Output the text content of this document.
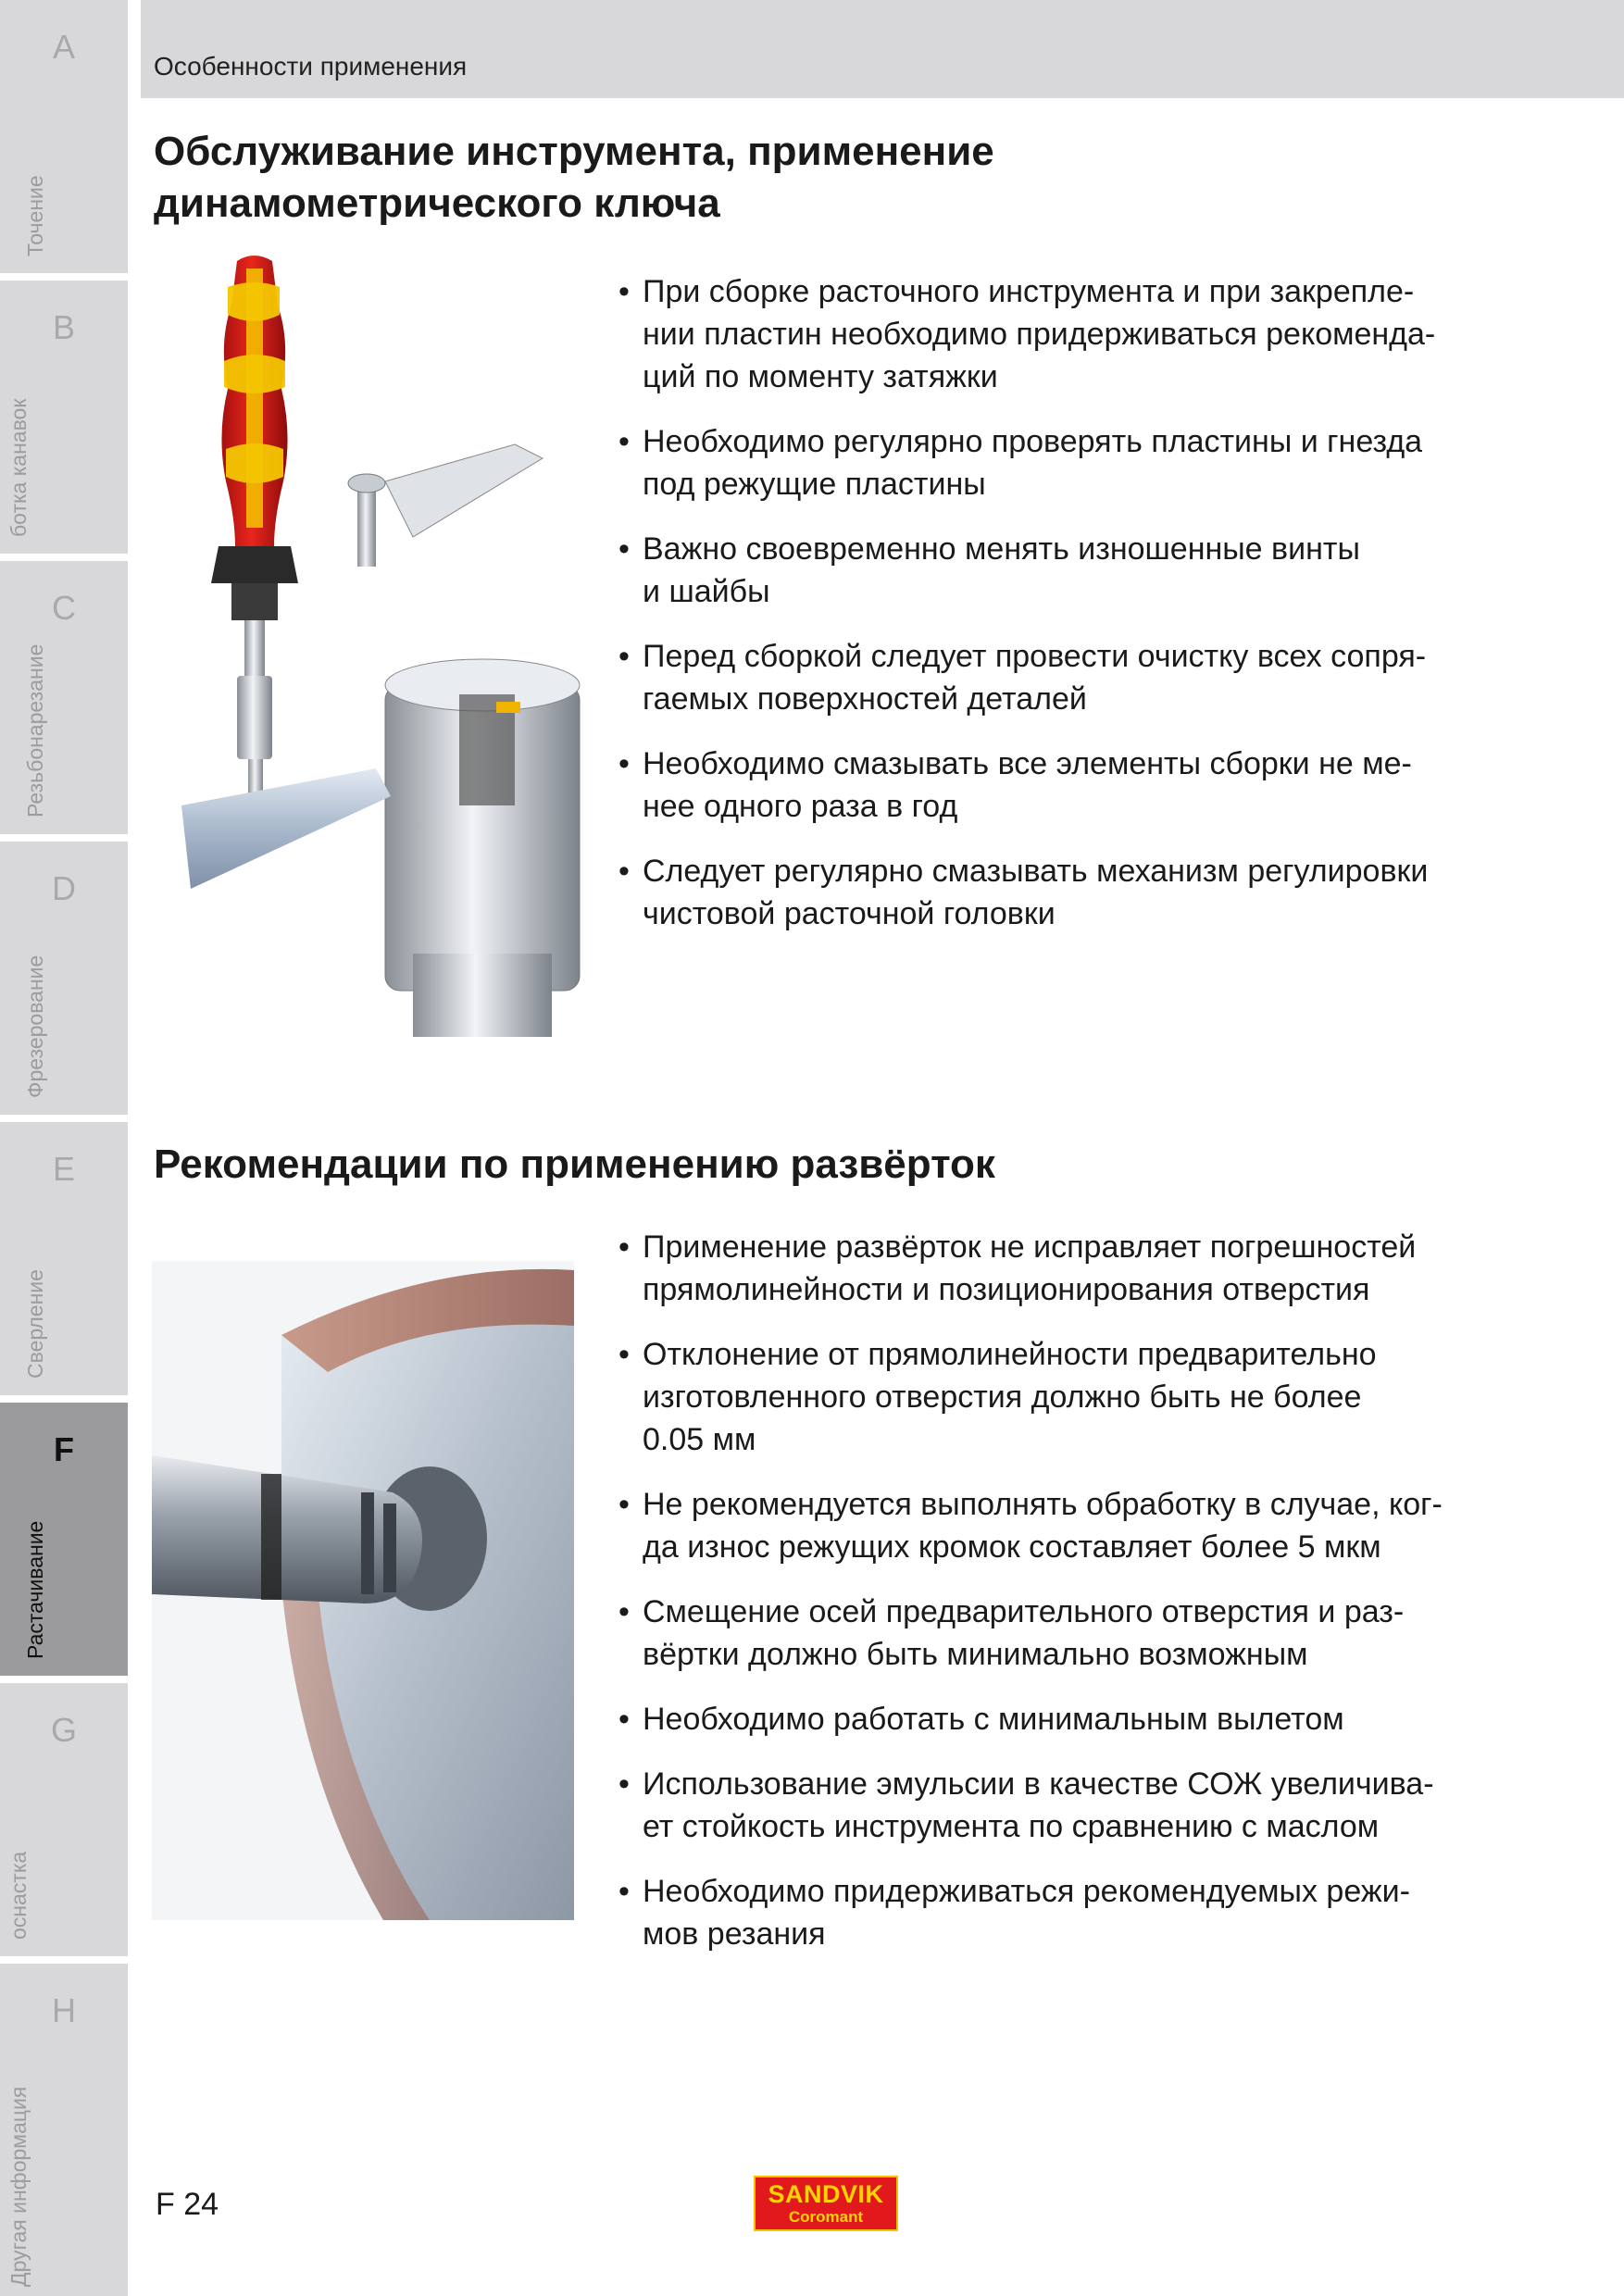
A
Точение
B
ботка канавок
C
Резьбонарезание
D
Фрезерование
E
Сверление
F
Растачивание
G
оснастка
H
Другая информация
Особенности применения
Обслуживание инструмента, применение
динамометрического ключа
• При сборке расточного инструмента и при закрепле-
нии пластин необходимо придерживаться рекоменда-
ций по моменту затяжки
• Необходимо регулярно проверять пластины и гнезда
под режущие пластины
• Важно своевременно менять изношенные винты
и шайбы
• Перед сборкой следует провести очистку всех сопря-
гаемых поверхностей деталей
• Необходимо смазывать все элементы сборки не ме-
нее одного раза в год
• Следует регулярно смазывать механизм регулировки
чистовой расточной головки
Рекомендации по применению развёрток
• Применение развёрток не исправляет погрешностей
прямолинейности и позиционирования отверстия
• Отклонение от прямолинейности предварительно
изготовленного отверстия должно быть не более
0.05 мм
• Не рекомендуется выполнять обработку в случае, ког-
да износ режущих кромок составляет более 5 мкм
• Смещение осей предварительного отверстия и раз-
вёртки должно быть минимально возможным
• Необходимо работать с минимальным вылетом
• Использование эмульсии в качестве СОЖ увеличива-
ет стойкость инструмента по сравнению с маслом
• Необходимо придерживаться рекомендуемых режи-
мов резания
F 24	SANDVIK
Coromant
